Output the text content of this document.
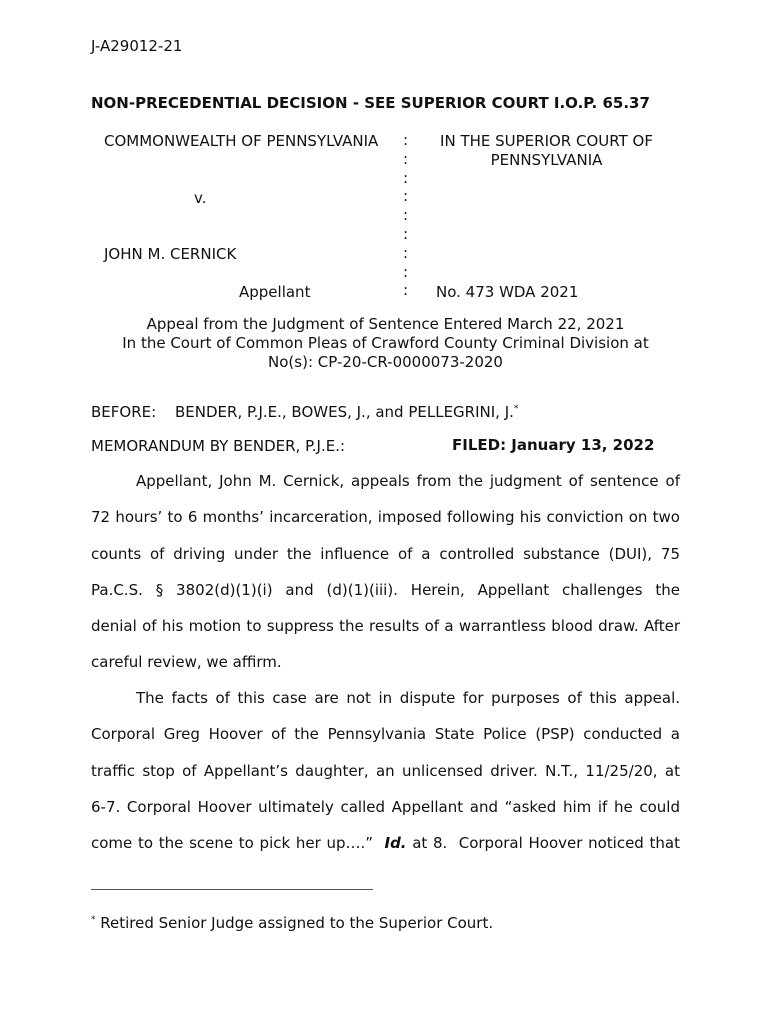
J-A29012-21
NON-PRECEDENTIAL DECISION - SEE SUPERIOR COURT I.O.P. 65.37
COMMONWEALTH OF PENNSYLVANIA
v.
JOHN M. CERNICK
Appellant
:
:
:
:
:
:
:
:
:
IN THE SUPERIOR COURT OF
PENNSYLVANIA
No. 473 WDA 2021
Appeal from the Judgment of Sentence Entered March 22, 2021
In the Court of Common Pleas of Crawford County Criminal Division at
No(s): CP-20-CR-0000073-2020
BEFORE: BENDER, P.J.E., BOWES, J., and PELLEGRINI, J.*
MEMORANDUM BY BENDER, P.J.E.:	FILED: January 13, 2022
Appellant, John M. Cernick, appeals from the judgment of sentence of
72 hours’ to 6 months’ incarceration, imposed following his conviction on two
counts of driving under the influence of a controlled substance (DUI), 75
Pa.C.S. § 3802(d)(1)(i) and (d)(1)(iii). Herein, Appellant challenges the
denial of his motion to suppress the results of a warrantless blood draw. After
careful review, we affirm.
The facts of this case are not in dispute for purposes of this appeal.
Corporal Greg Hoover of the Pennsylvania State Police (PSP) conducted a
traffic stop of Appellant’s daughter, an unlicensed driver. N.T., 11/25/20, at
6-7. Corporal Hoover ultimately called Appellant and “asked him if he could
come to the scene to pick her up….”  Id. at 8.  Corporal Hoover noticed that
* Retired Senior Judge assigned to the Superior Court.
